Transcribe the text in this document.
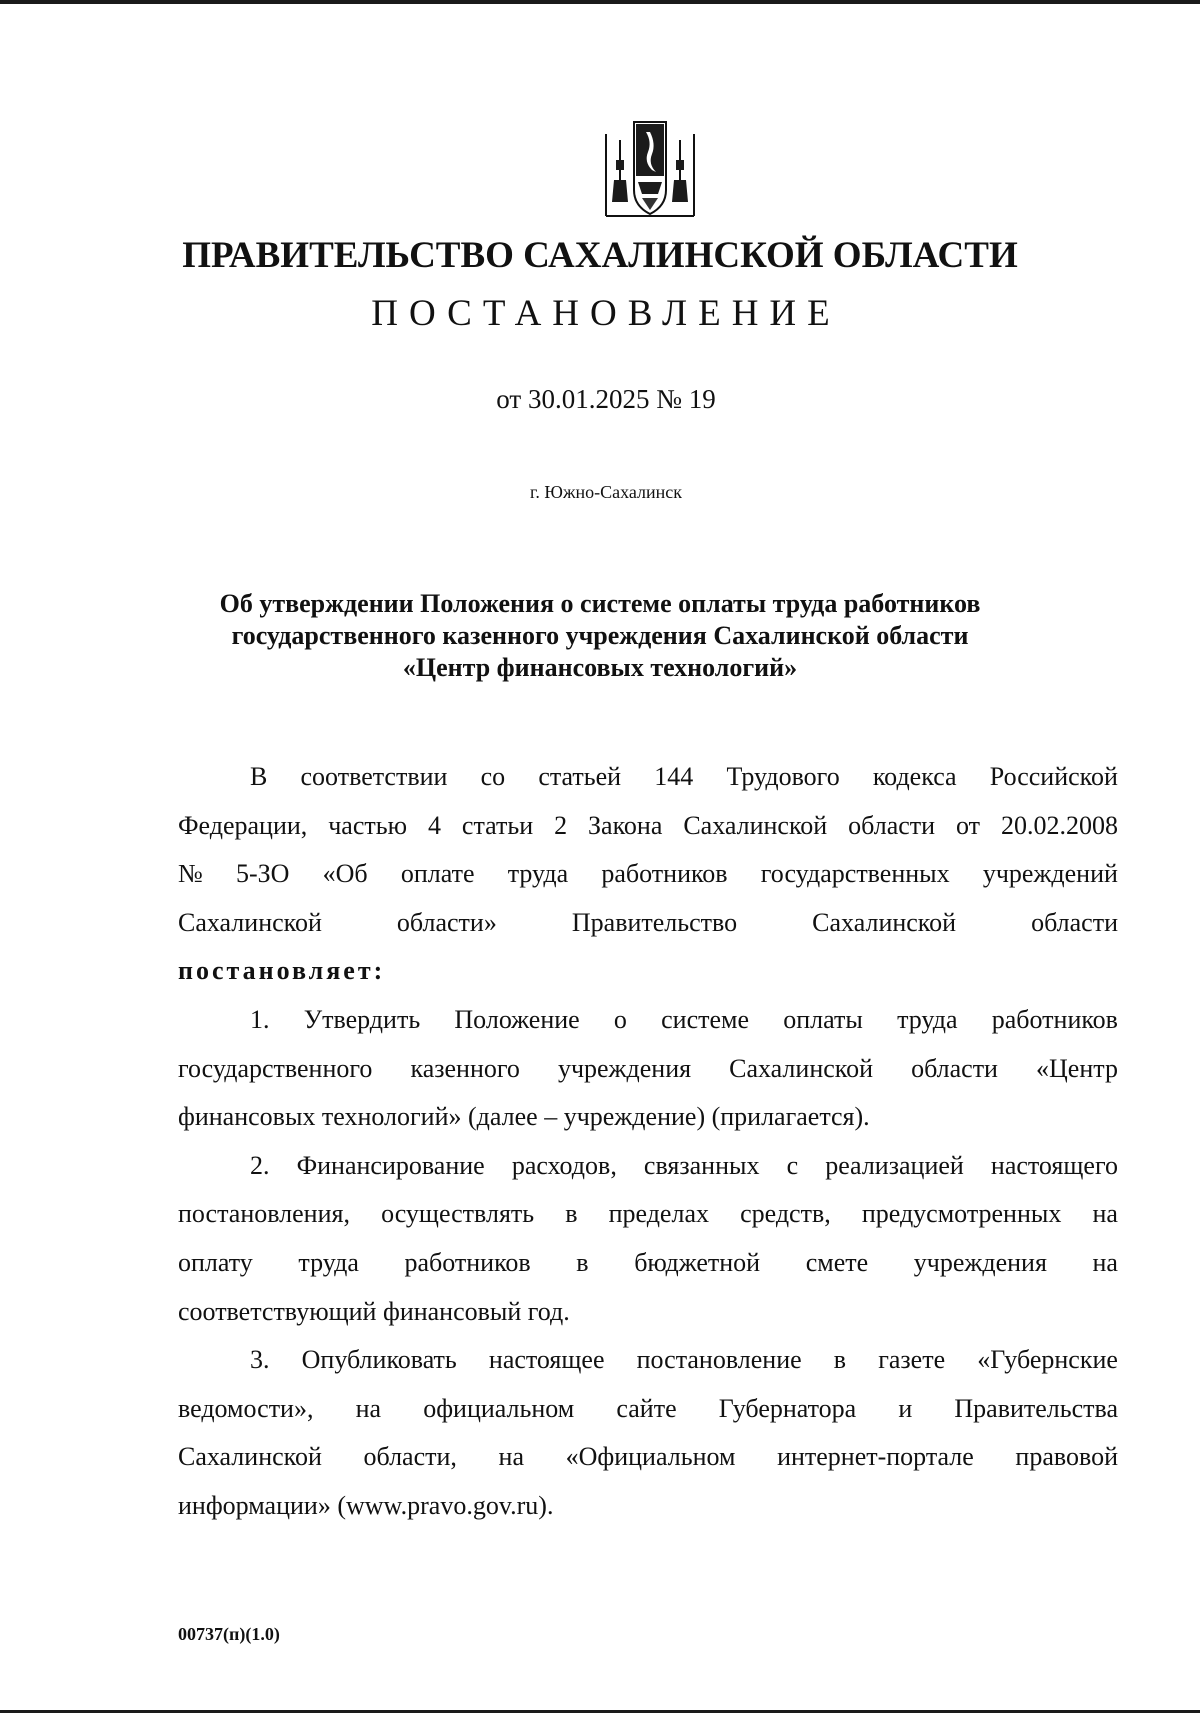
ПРАВИТЕЛЬСТВО САХАЛИНСКОЙ ОБЛАСТИ
ПОСТАНОВЛЕНИЕ
от 30.01.2025 № 19
г. Южно-Сахалинск
Об утверждении Положения о системе оплаты труда работников
государственного казенного учреждения Сахалинской области
«Центр финансовых технологий»
В соответствии со статьей 144 Трудового кодекса Российской
Федерации, частью 4 статьи 2 Закона Сахалинской области от 20.02.2008
№ 5-ЗО «Об оплате труда работников государственных учреждений
Сахалинской	области»	Правительство	Сахалинской	области
постановляет:
1. Утвердить Положение о системе оплаты труда работников
государственного казенного учреждения Сахалинской области «Центр
финансовых технологий» (далее – учреждение) (прилагается).
2. Финансирование расходов, связанных с реализацией настоящего
постановления, осуществлять в пределах средств, предусмотренных на
оплату труда работников в бюджетной смете учреждения на
соответствующий финансовый год.
3. Опубликовать настоящее постановление в газете «Губернские
ведомости», на официальном сайте Губернатора и Правительства
Сахалинской области, на «Официальном интернет-портале правовой
информации» (www.pravo.gov.ru).
00737(п)(1.0)
